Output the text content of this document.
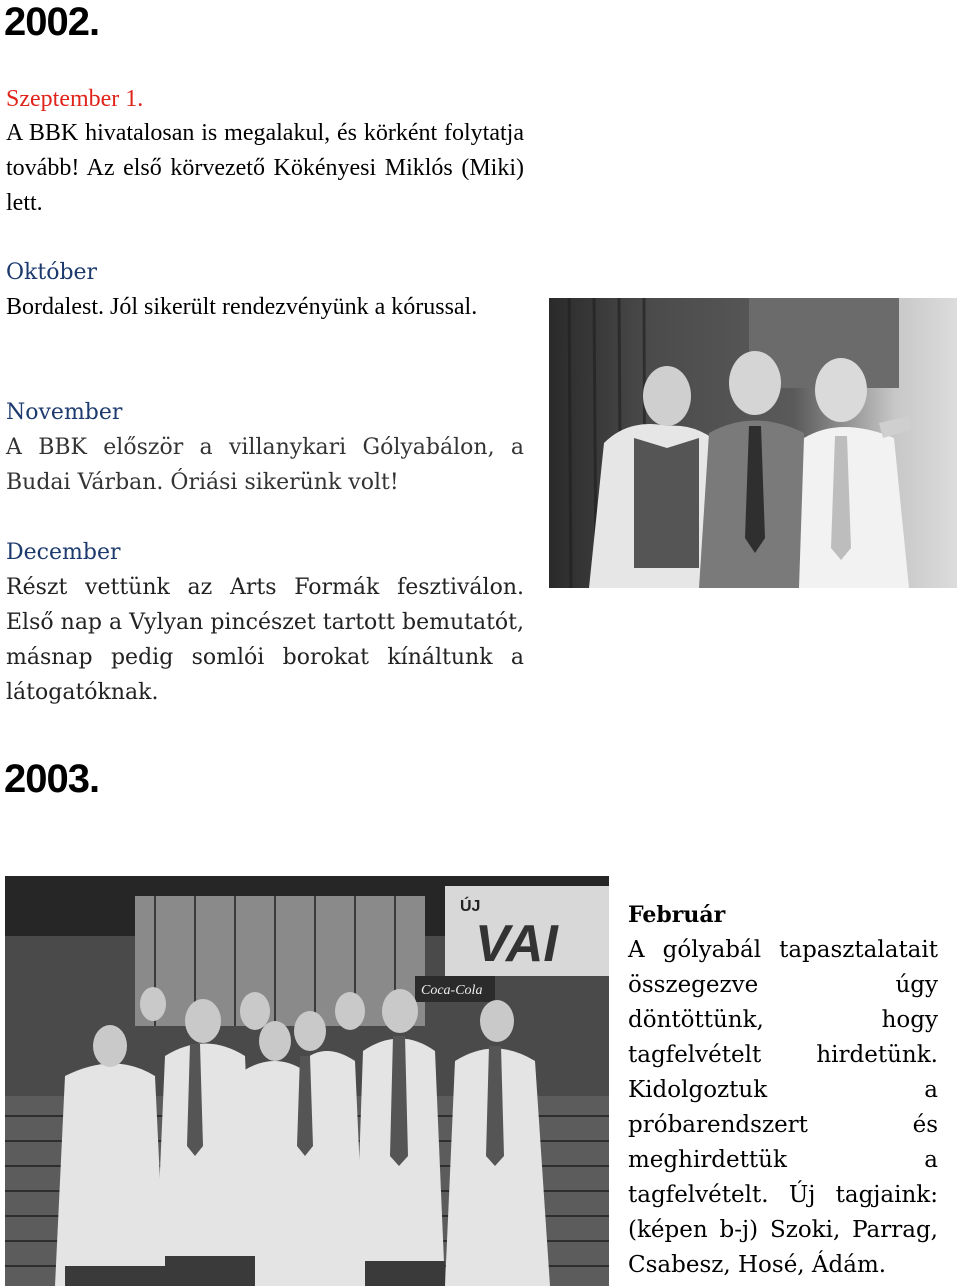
2002.
Szeptember 1.
A BBK hivatalosan is megalakul, és körként folytatja tovább! Az első körvezető Kökényesi Miklós (Miki) lett.
Október
Bordalest. Jól sikerült rendezvényünk a kórussal.
November
A BBK először a villanykari Gólyabálon, a Budai Várban. Óriási sikerünk volt!
December
Részt vettünk az Arts Formák fesztiválon. Első nap a Vylyan pincészet tartott bemutatót, másnap pedig somlói borokat kínáltunk a látogatóknak.
2003.
ÚJ
VAI
Coca-Cola
Február
A gólyabál tapasztalatait összegezve úgy döntöttünk, hogy tagfelvételt hirdetünk. Kidolgoztuk a próbarendszert és meghirdettük a tagfelvételt. Új tagjaink: (képen b-j) Szoki, Parrag, Csabesz, Hosé, Ádám.
